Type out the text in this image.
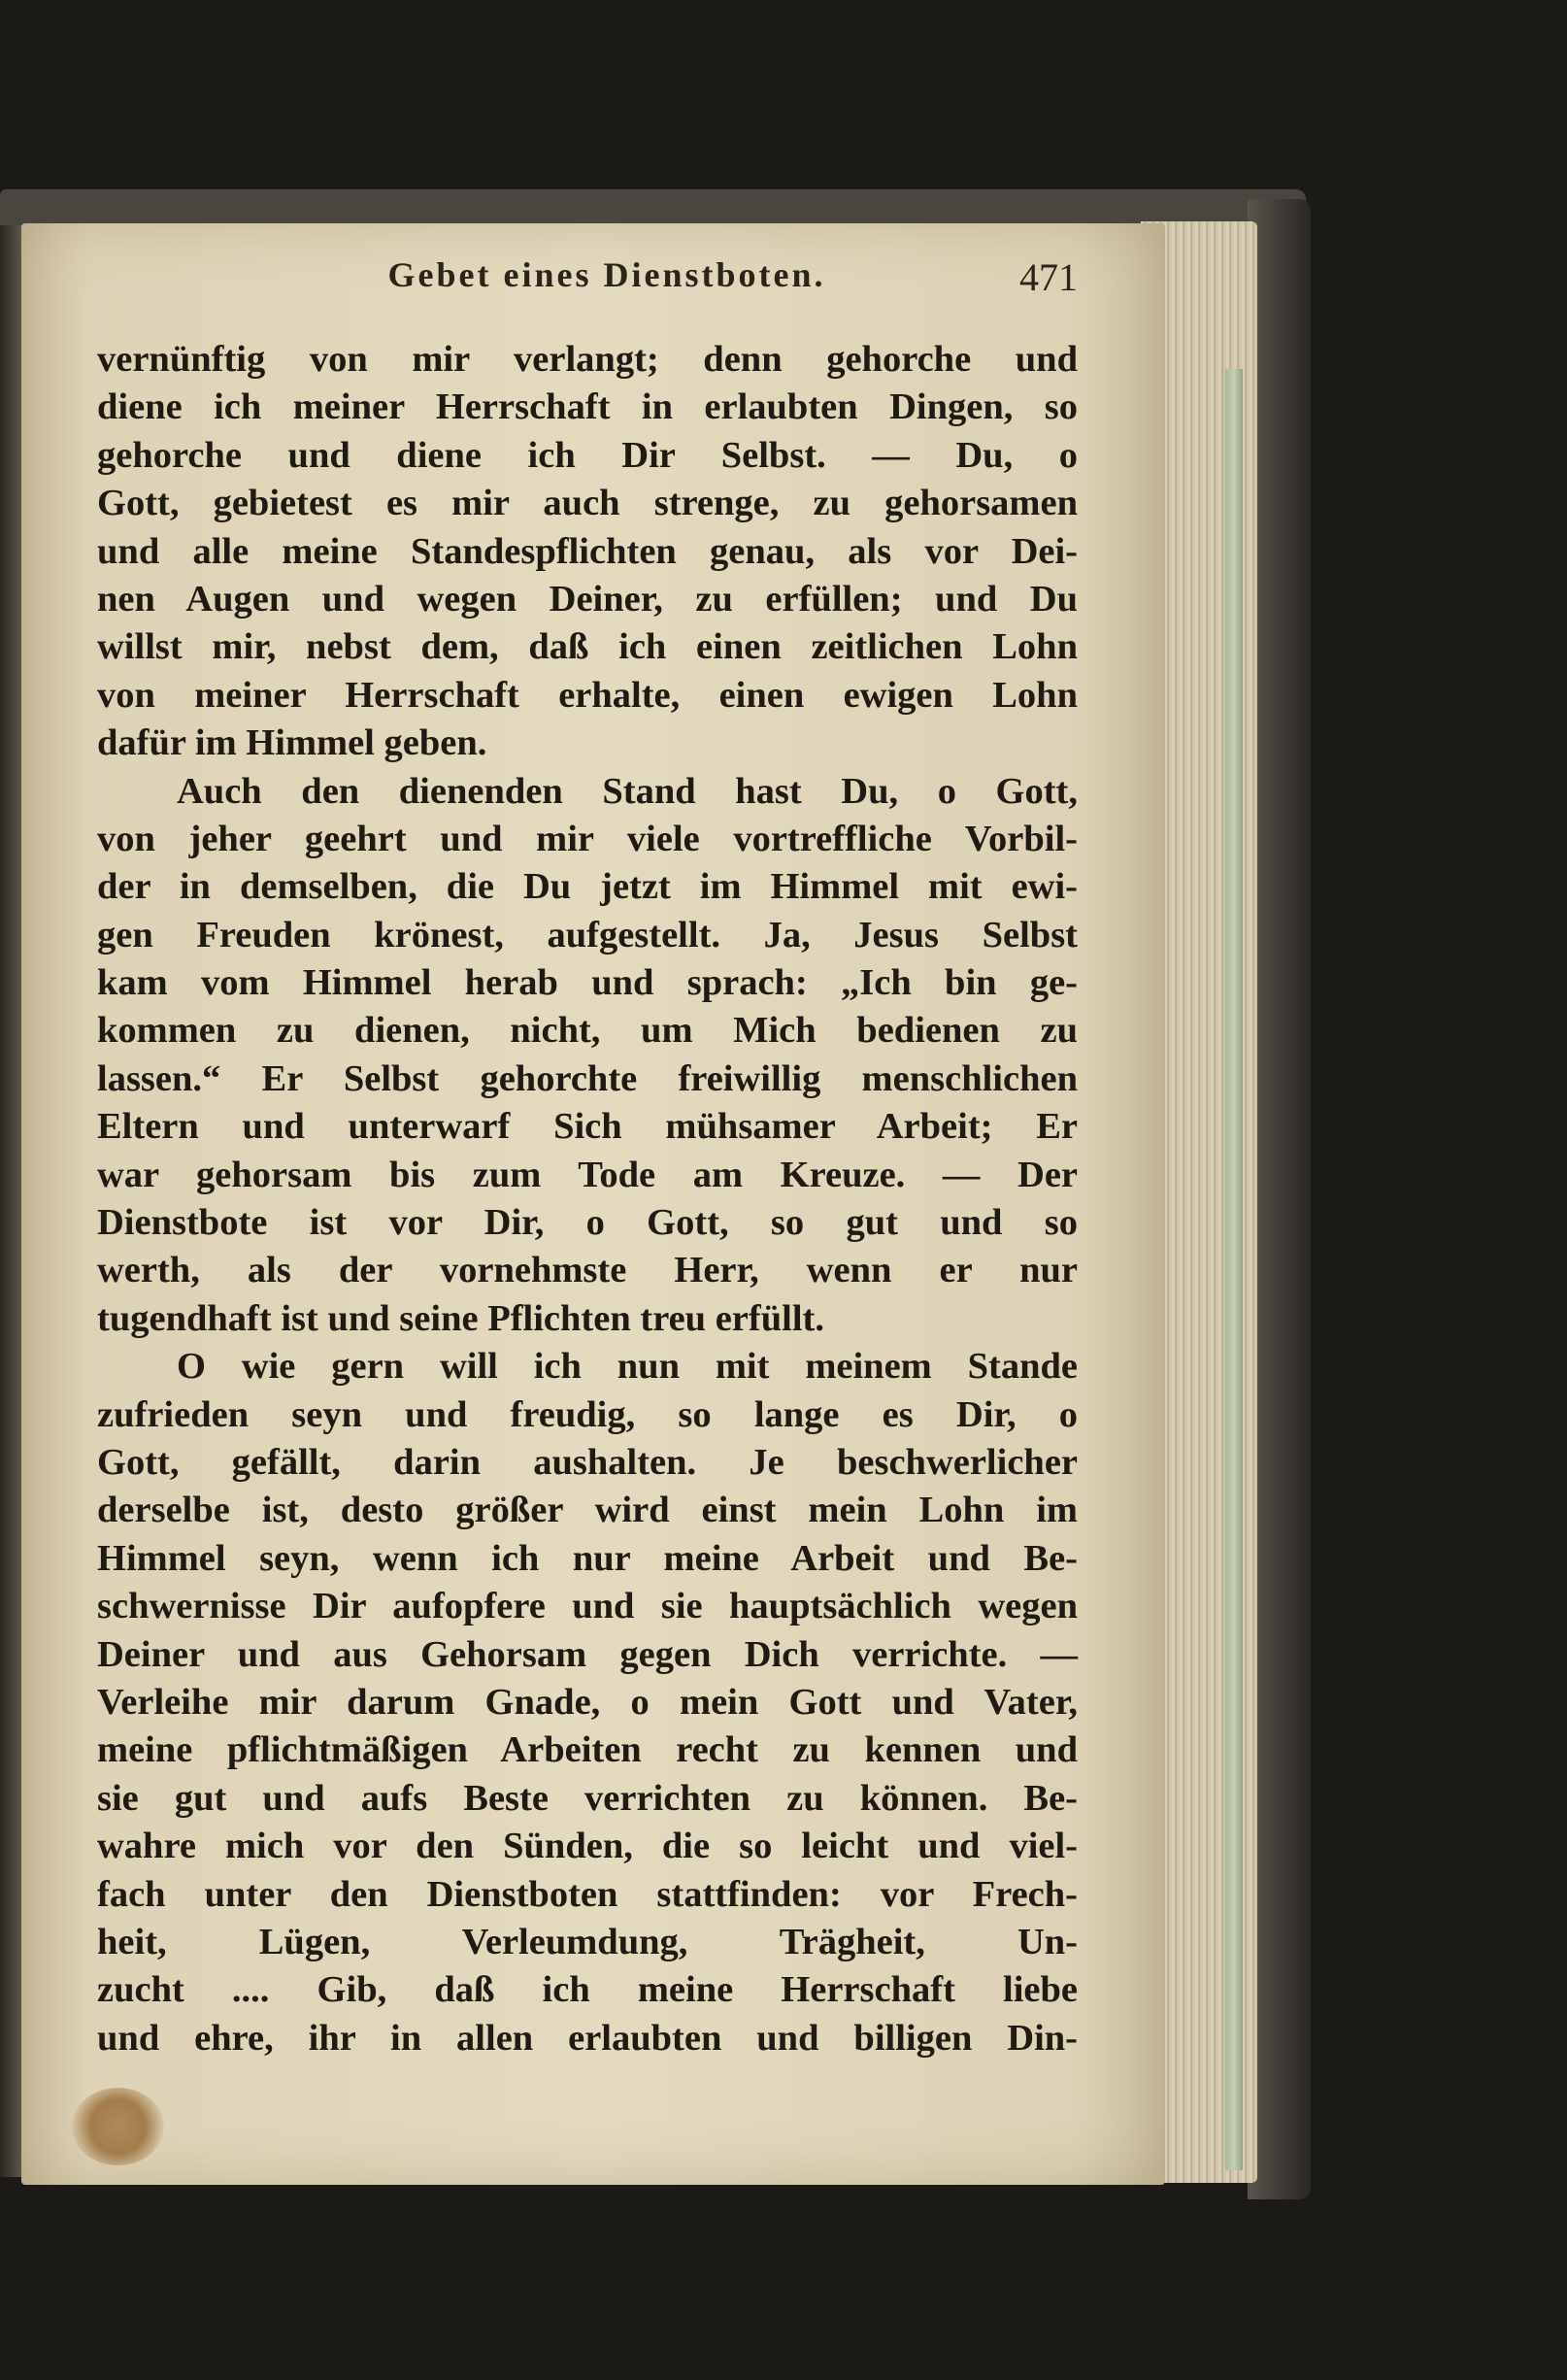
Gebet eines Dienstboten.	471
vernünftig von mir verlangt; denn gehorche und
diene ich meiner Herrschaft in erlaubten Dingen, so
gehorche und diene ich Dir Selbst. — Du, o
Gott, gebietest es mir auch strenge, zu gehorsamen
und alle meine Standespflichten genau, als vor Dei-
nen Augen und wegen Deiner, zu erfüllen; und Du
willst mir, nebst dem, daß ich einen zeitlichen Lohn
von meiner Herrschaft erhalte, einen ewigen Lohn
dafür im Himmel geben.
Auch den dienenden Stand hast Du, o Gott,
von jeher geehrt und mir viele vortreffliche Vorbil-
der in demselben, die Du jetzt im Himmel mit ewi-
gen Freuden krönest, aufgestellt. Ja, Jesus Selbst
kam vom Himmel herab und sprach: „Ich bin ge-
kommen zu dienen, nicht, um Mich bedienen zu
lassen.“ Er Selbst gehorchte freiwillig menschlichen
Eltern und unterwarf Sich mühsamer Arbeit; Er
war gehorsam bis zum Tode am Kreuze. — Der
Dienstbote ist vor Dir, o Gott, so gut und so
werth, als der vornehmste Herr, wenn er nur
tugendhaft ist und seine Pflichten treu erfüllt.
O wie gern will ich nun mit meinem Stande
zufrieden seyn und freudig, so lange es Dir, o
Gott, gefällt, darin aushalten. Je beschwerlicher
derselbe ist, desto größer wird einst mein Lohn im
Himmel seyn, wenn ich nur meine Arbeit und Be-
schwernisse Dir aufopfere und sie hauptsächlich wegen
Deiner und aus Gehorsam gegen Dich verrichte. —
Verleihe mir darum Gnade, o mein Gott und Vater,
meine pflichtmäßigen Arbeiten recht zu kennen und
sie gut und aufs Beste verrichten zu können. Be-
wahre mich vor den Sünden, die so leicht und viel-
fach unter den Dienstboten stattfinden: vor Frech-
heit, Lügen, Verleumdung, Trägheit, Un-
zucht .... Gib, daß ich meine Herrschaft liebe
und ehre, ihr in allen erlaubten und billigen Din-
